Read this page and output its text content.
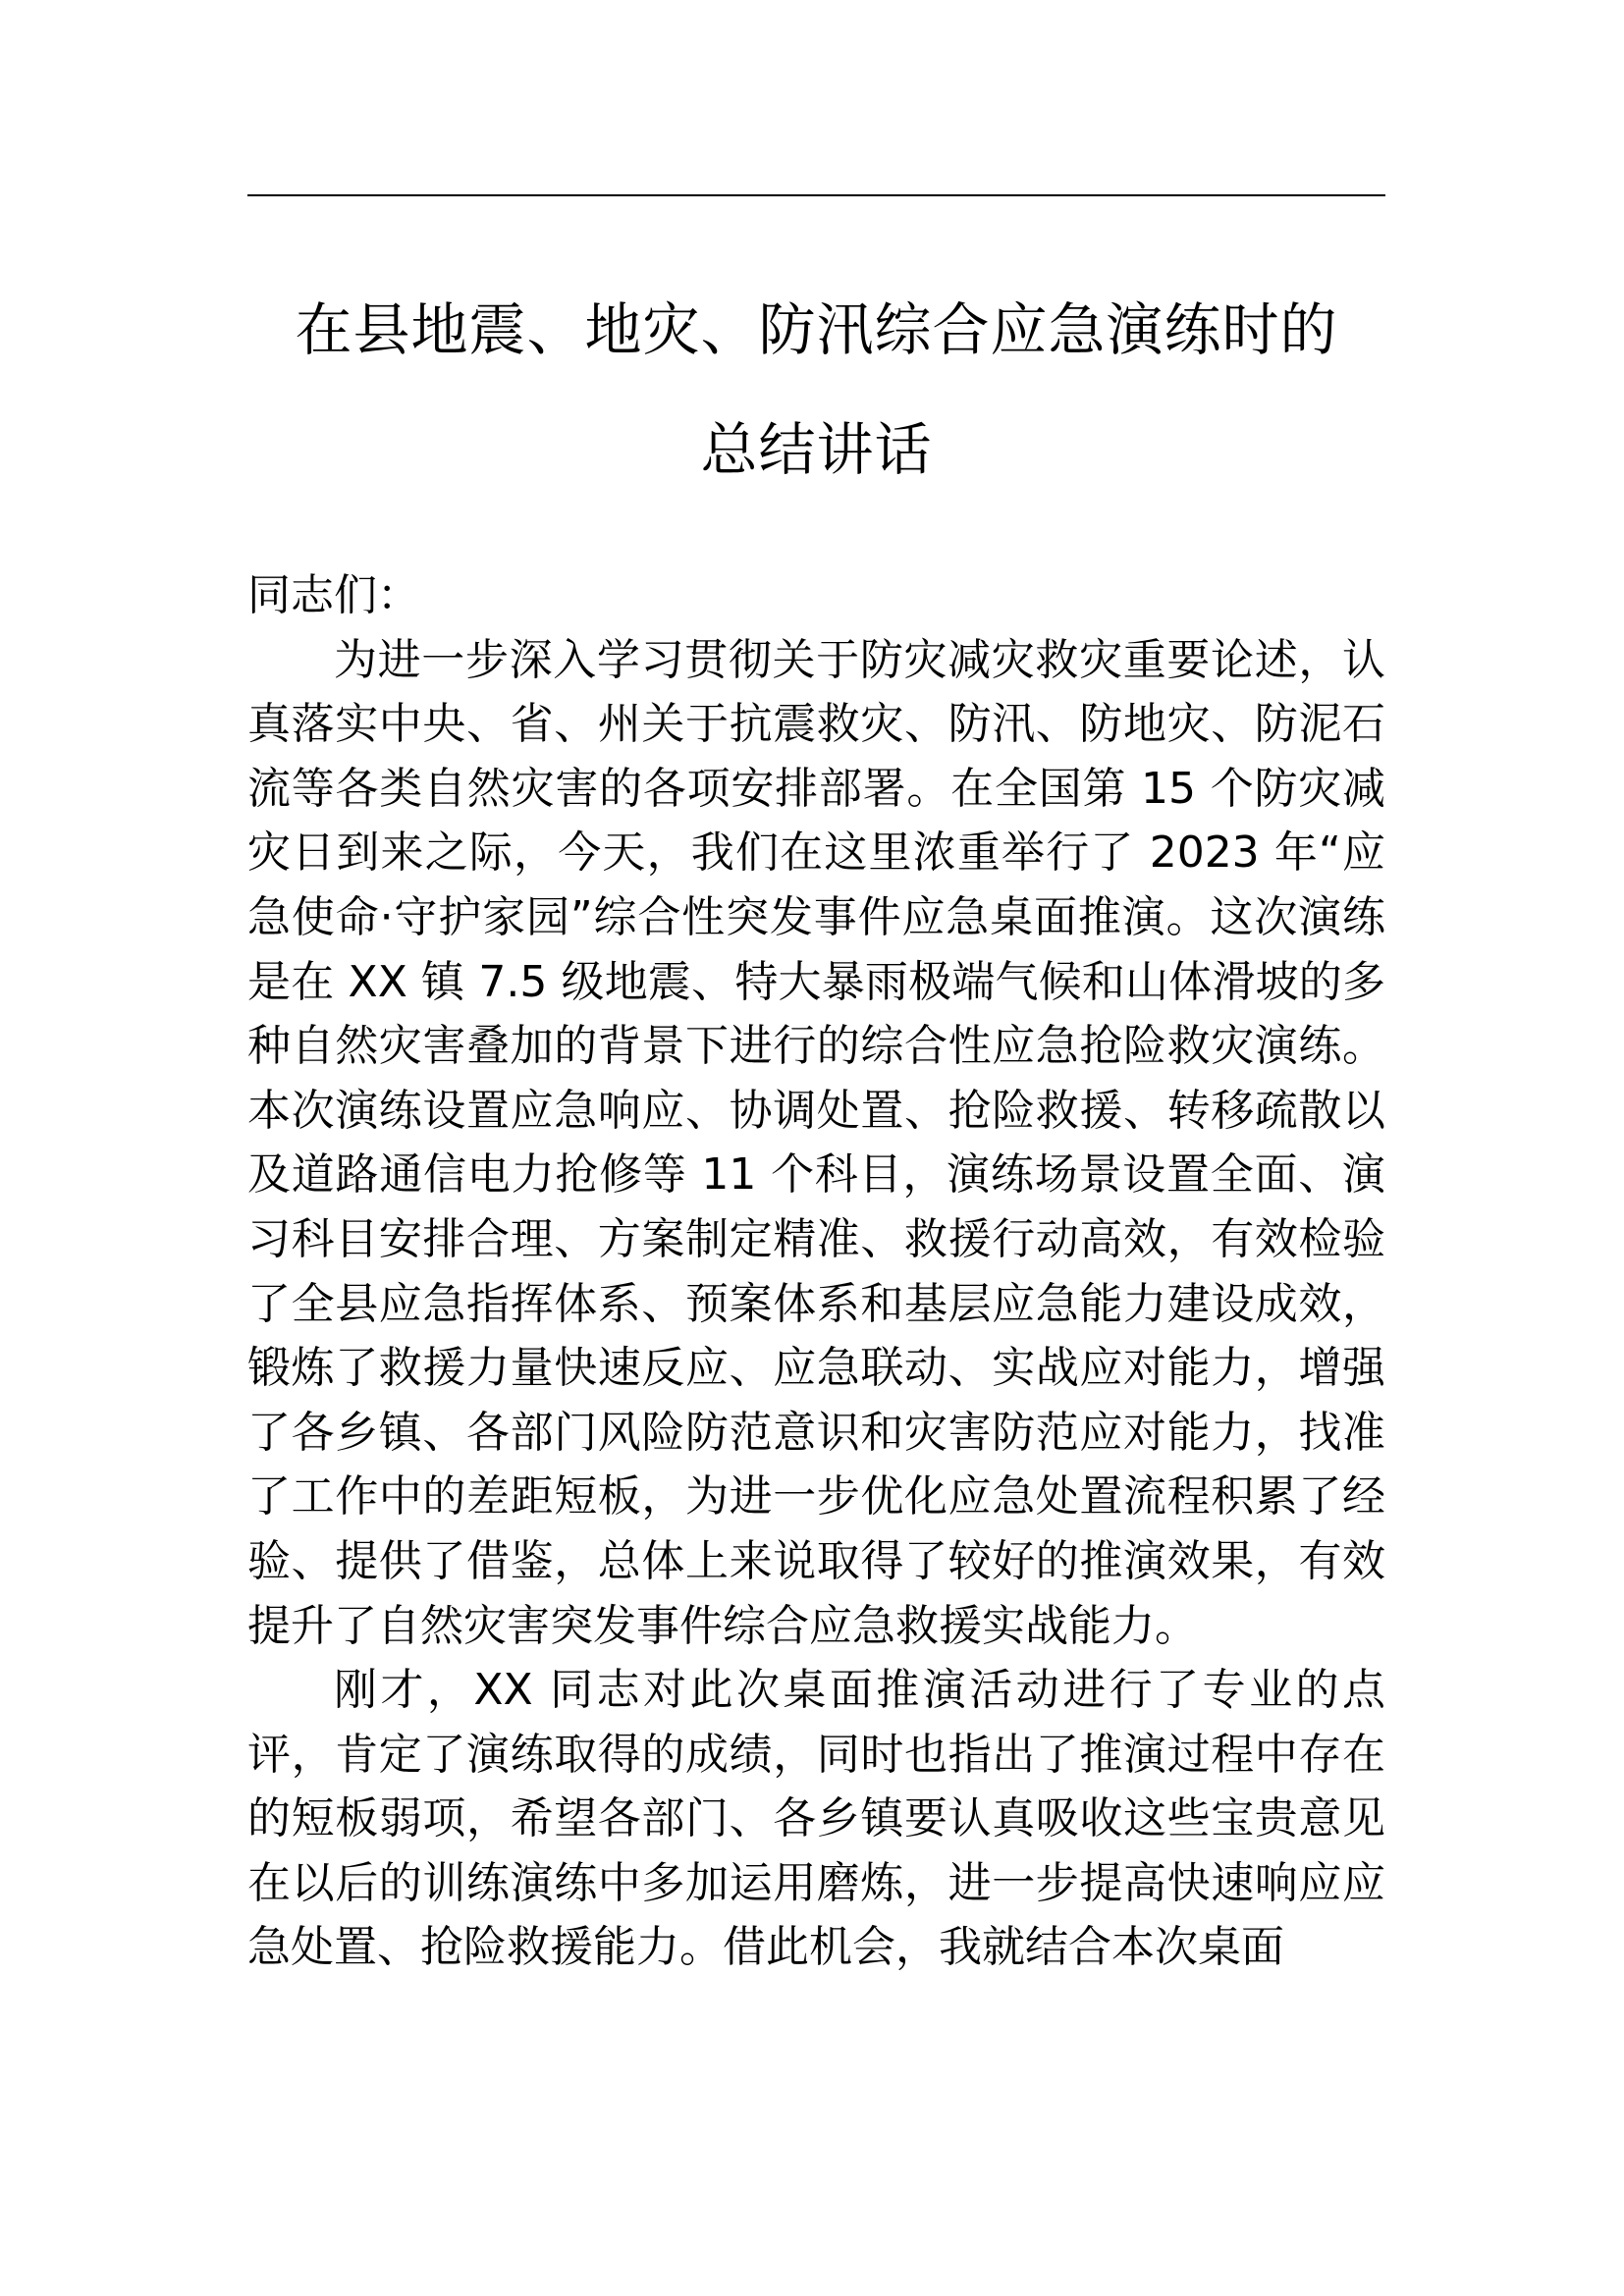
在县地震、地灾、防汛综合应急演练时的
总结讲话

同志们：

为进一步深入学习贯彻关于防灾减灾救灾重要论述，认真落实中央、省、州关于抗震救灾、防汛、防地灾、防泥石流等各类自然灾害的各项安排部署。在全国第 15 个防灾减灾日到来之际，今天，我们在这里浓重举行了 2023 年“应急使命·守护家园”综合性突发事件应急桌面推演。这次演练是在 XX 镇 7.5 级地震、特大暴雨极端气候和山体滑坡的多种自然灾害叠加的背景下进行的综合性应急抢险救灾演练。本次演练设置应急响应、协调处置、抢险救援、转移疏散以及道路通信电力抢修等 11 个科目，演练场景设置全面、演习科目安排合理、方案制定精准、救援行动高效，有效检验了全县应急指挥体系、预案体系和基层应急能力建设成效，锻炼了救援力量快速反应、应急联动、实战应对能力，增强了各乡镇、各部门风险防范意识和灾害防范应对能力，找准了工作中的差距短板，为进一步优化应急处置流程积累了经验、提供了借鉴，总体上来说取得了较好的推演效果，有效提升了自然灾害突发事件综合应急救援实战能力。

刚才，XX 同志对此次桌面推演活动进行了专业的点评，肯定了演练取得的成绩，同时也指出了推演过程中存在的短板弱项，希望各部门、各乡镇要认真吸收这些宝贵意见在以后的训练演练中多加运用磨炼，进一步提高快速响应应急处置、抢险救援能力。借此机会，我就结合本次桌面
